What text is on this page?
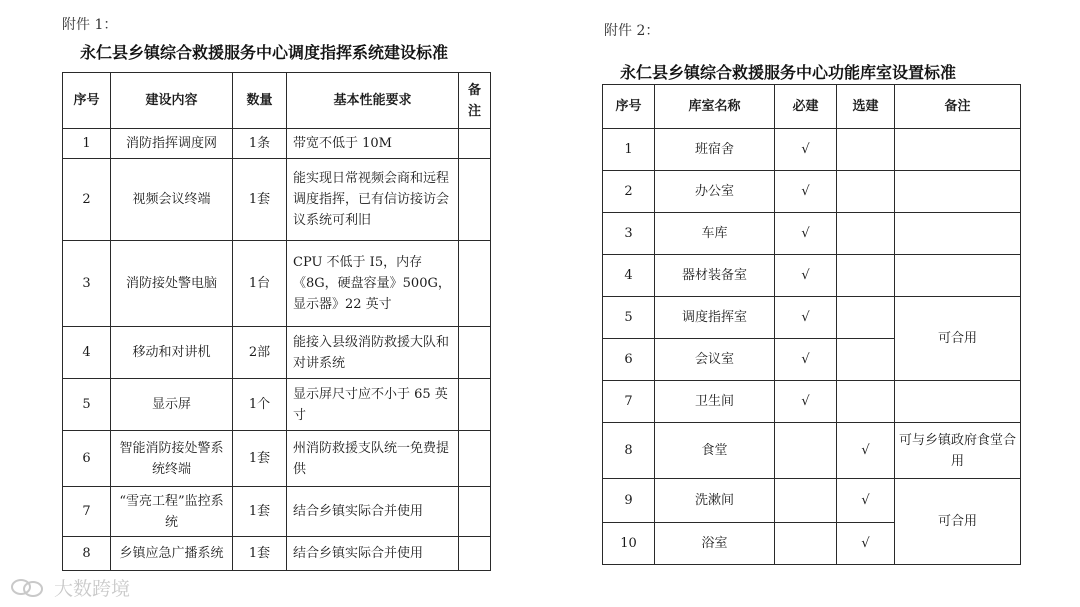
附件 1：
永仁县乡镇综合救援服务中心调度指挥系统建设标准
序号	建设内容	数量	基本性能要求	备注
1	消防指挥调度网	1条	带宽不低于 10M	
2	视频会议终端	1套	能实现日常视频会商和远程调度指挥，已有信访接访会议系统可利旧	
3	消防接处警电脑	1台	CPU 不低于 I5，内存《8G，硬盘容量》500G，显示器》22 英寸	
4	移动和对讲机	2部	能接入县级消防救援大队和对讲系统	
5	显示屏	1个	显示屏尺寸应不小于 65 英寸	
6	智能消防接处警系统终端	1套	州消防救援支队统一免费提供	
7	“雪亮工程”监控系统	1套	结合乡镇实际合并使用	
8	乡镇应急广播系统	1套	结合乡镇实际合并使用	
附件 2：
永仁县乡镇综合救援服务中心功能库室设置标准
序号	库室名称	必建	选建	备注
1	班宿舍	√		
2	办公室	√		
3	车库	√		
4	器材装备室	√		
5	调度指挥室	√		可合用
6	会议室	√		
7	卫生间	√		
8	食堂		√	可与乡镇政府食堂合用
9	洗漱间		√	可合用
10	浴室		√	
大数跨境
